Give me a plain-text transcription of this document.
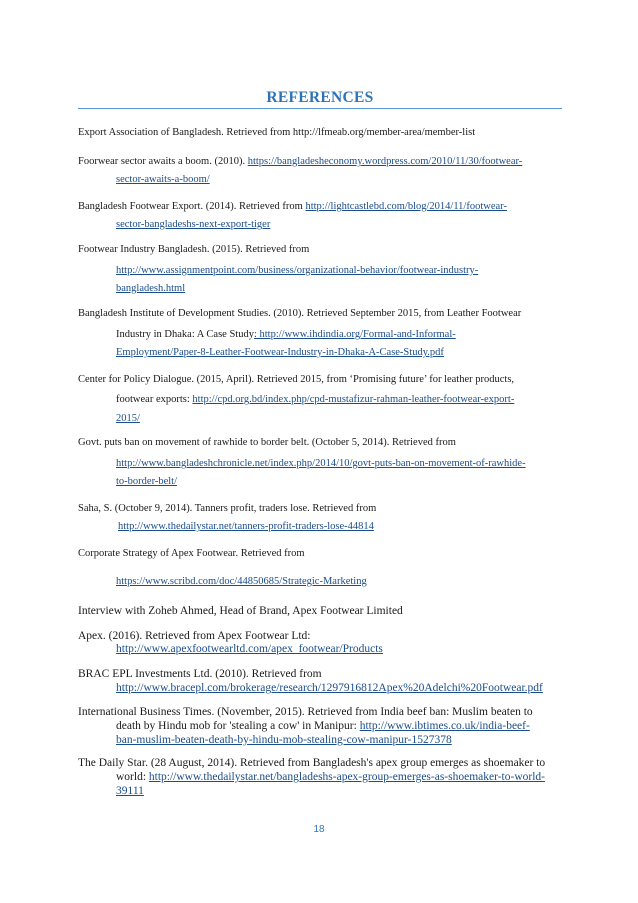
REFERENCES
Export Association of Bangladesh. Retrieved from http://lfmeab.org/member-area/member-list
Foorwear sector awaits a boom. (2010). https://bangladesheconomy.wordpress.com/2010/11/30/footwear-
sector-awaits-a-boom/
Bangladesh Footwear Export. (2014). Retrieved from http://lightcastlebd.com/blog/2014/11/footwear-
sector-bangladeshs-next-export-tiger
Footwear Industry Bangladesh. (2015). Retrieved from
http://www.assignmentpoint.com/business/organizational-behavior/footwear-industry-
bangladesh.html
Bangladesh Institute of Development Studies. (2010). Retrieved September 2015, from Leather Footwear
Industry in Dhaka: A Case Study: http://www.ihdindia.org/Formal-and-Informal-
Employment/Paper-8-Leather-Footwear-Industry-in-Dhaka-A-Case-Study.pdf
Center for Policy Dialogue. (2015, April). Retrieved 2015, from ‘Promising future’ for leather products,
footwear exports: http://cpd.org.bd/index.php/cpd-mustafizur-rahman-leather-footwear-export-
2015/
Govt. puts ban on movement of rawhide to border belt. (October 5, 2014). Retrieved from
http://www.bangladeshchronicle.net/index.php/2014/10/govt-puts-ban-on-movement-of-rawhide-
to-border-belt/
Saha, S. (October 9, 2014). Tanners profit, traders lose. Retrieved from
http://www.thedailystar.net/tanners-profit-traders-lose-44814
Corporate Strategy of Apex Footwear. Retrieved from
https://www.scribd.com/doc/44850685/Strategic-Marketing
Interview with Zoheb Ahmed, Head of Brand, Apex Footwear Limited
Apex. (2016). Retrieved from Apex Footwear Ltd:
http://www.apexfootwearltd.com/apex_footwear/Products
BRAC EPL Investments Ltd. (2010). Retrieved from
http://www.bracepl.com/brokerage/research/1297916812Apex%20Adelchi%20Footwear.pdf
International Business Times. (November, 2015). Retrieved from India beef ban: Muslim beaten to
death by Hindu mob for 'stealing a cow' in Manipur: http://www.ibtimes.co.uk/india-beef-
ban-muslim-beaten-death-by-hindu-mob-stealing-cow-manipur-1527378
The Daily Star. (28 August, 2014). Retrieved from Bangladesh's apex group emerges as shoemaker to
world: http://www.thedailystar.net/bangladeshs-apex-group-emerges-as-shoemaker-to-world-
39111
18
